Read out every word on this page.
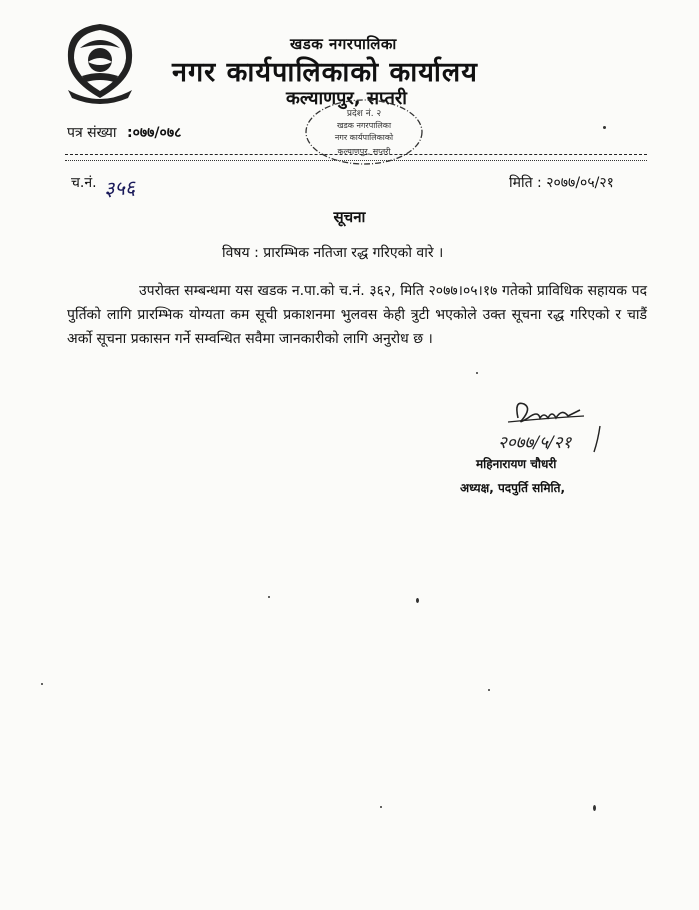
खडक नगरपालिका
नगर कार्यपालिकाको कार्यालय
कल्याणपुर, सप्तरी
पत्र संख्या :०७७/०७८
प्रदेश नं. २
खडक नगरपालिका
नगर कार्यपालिकाको
कल्याणपुर, सप्तरी
च.नं. ३५६	मिति : २०७७/०५/२१
सूचना
विषय : प्रारम्भिक नतिजा रद्ध गरिएको वारे ।
उपरोक्त सम्बन्धमा यस खडक न.पा.को च.नं. ३६२, मिति २०७७।०५।१७ गतेको प्राविधिक सहायक पद पुर्तिको लागि प्रारम्भिक योग्यता कम सूची प्रकाशनमा भुलवस केही त्रुटी भएकोले उक्त सूचना रद्ध गरिएको र चाडैं अर्को सूचना प्रकासन गर्ने सम्वन्धित सवैमा जानकारीको लागि अनुरोध छ ।
२०७७/५/२१
महिनारायण चौधरी
अध्यक्ष, पदपुर्ति समिति,
